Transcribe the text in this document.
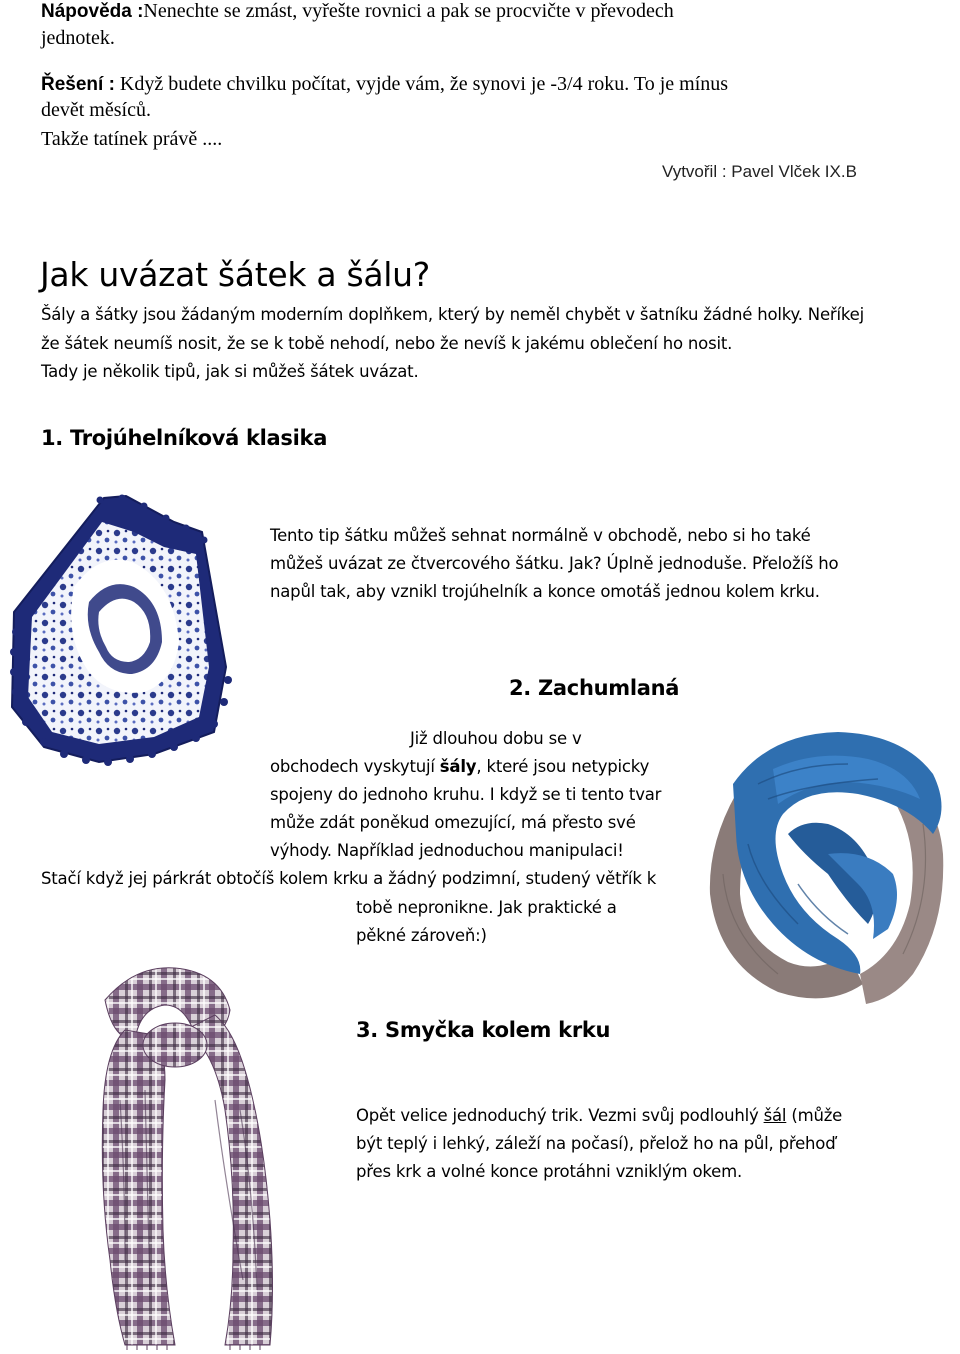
Nápověda :Nenechte se zmást, vyřešte rovnici a pak se procvičte v převodech
jednotek.
Řešení : Když budete chvilku počítat, vyjde vám, že synovi je -3/4 roku. To je mínus
devět měsíců.
Takže tatínek právě ....
Vytvořil : Pavel Vlček IX.B
Jak uvázat šátek a šálu?
Šály a šátky jsou žádaným moderním doplňkem, který by neměl chybět v šatníku žádné holky. Neříkej
že šátek neumíš nosit, že se k tobě nehodí, nebo že nevíš k jakému oblečení ho nosit.
Tady je několik tipů, jak si můžeš šátek uvázat.
1. Trojúhelníková klasika
Tento tip šátku můžeš sehnat normálně v obchodě, nebo si ho také
můžeš uvázat ze čtvercového šátku. Jak? Úplně jednoduše. Přeložíš ho
napůl tak, aby vznikl trojúhelník a konce omotáš jednou kolem krku.
2. Zachumlaná
Již dlouhou dobu se v
obchodech vyskytují šály, které jsou netypicky
spojeny do jednoho kruhu. I když se ti tento tvar
může zdát poněkud omezující, má přesto své
výhody. Například jednoduchou manipulaci!
Stačí když jej párkrát obtočíš kolem krku a žádný podzimní, studený větřík k
tobě nepronikne. Jak praktické a
pěkné zároveň:)
3. Smyčka kolem krku
Opět velice jednoduchý trik. Vezmi svůj podlouhlý šál (může
být teplý i lehký, záleží na počasí), přelož ho na půl, přehoď
přes krk a volné konce protáhni vzniklým okem.
